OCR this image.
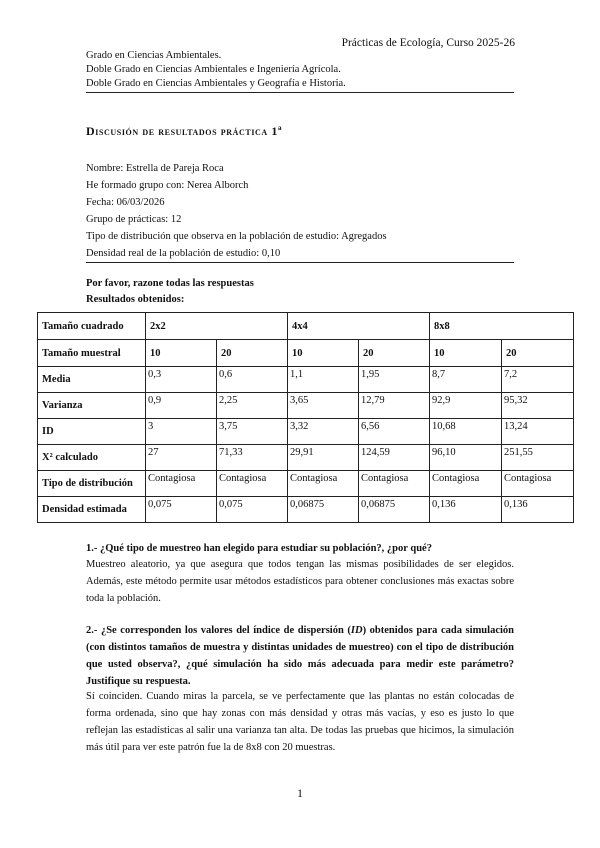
Prácticas de Ecología, Curso 2025-26
Grado en Ciencias Ambientales.
Doble Grado en Ciencias Ambientales e Ingeniería Agrícola.
Doble Grado en Ciencias Ambientales y Geografía e Historia.
Discusión de resultados práctica 1ª
Nombre: Estrella de Pareja Roca
He formado grupo con: Nerea Alborch
Fecha: 06/03/2026
Grupo de prácticas: 12
Tipo de distribución que observa en la población de estudio: Agregados
Densidad real de la población de estudio: 0,10
Por favor, razone todas las respuestas
Resultados obtenidos:
Tamaño cuadrado	2x2		4x4		8x8	
Tamaño muestral	10	20	10	20	10	20
Media	0,3	0,6	1,1	1,95	8,7	7,2
Varianza	0,9	2,25	3,65	12,79	92,9	95,32
ID	3	3,75	3,32	6,56	10,68	13,24
X² calculado	27	71,33	29,91	124,59	96,10	251,55
Tipo de distribución	Contagiosa	Contagiosa	Contagiosa	Contagiosa	Contagiosa	Contagiosa
Densidad estimada	0,075	0,075	0,06875	0,06875	0,136	0,136
1.- ¿Qué tipo de muestreo han elegido para estudiar su población?, ¿por qué?
Muestreo aleatorio, ya que asegura que todos tengan las mismas posibilidades de ser elegidos. Además, este método permite usar métodos estadísticos para obtener conclusiones más exactas sobre toda la población.
2.- ¿Se corresponden los valores del índice de dispersión (ID) obtenidos para cada simulación (con distintos tamaños de muestra y distintas unidades de muestreo) con el tipo de distribución que usted observa?, ¿qué simulación ha sido más adecuada para medir este parámetro? Justifique su respuesta.
Sí coinciden. Cuando miras la parcela, se ve perfectamente que las plantas no están colocadas de forma ordenada, sino que hay zonas con más densidad y otras más vacías, y eso es justo lo que reflejan las estadísticas al salir una varianza tan alta. De todas las pruebas que hicimos, la simulación más útil para ver este patrón fue la de 8x8 con 20 muestras.
1
